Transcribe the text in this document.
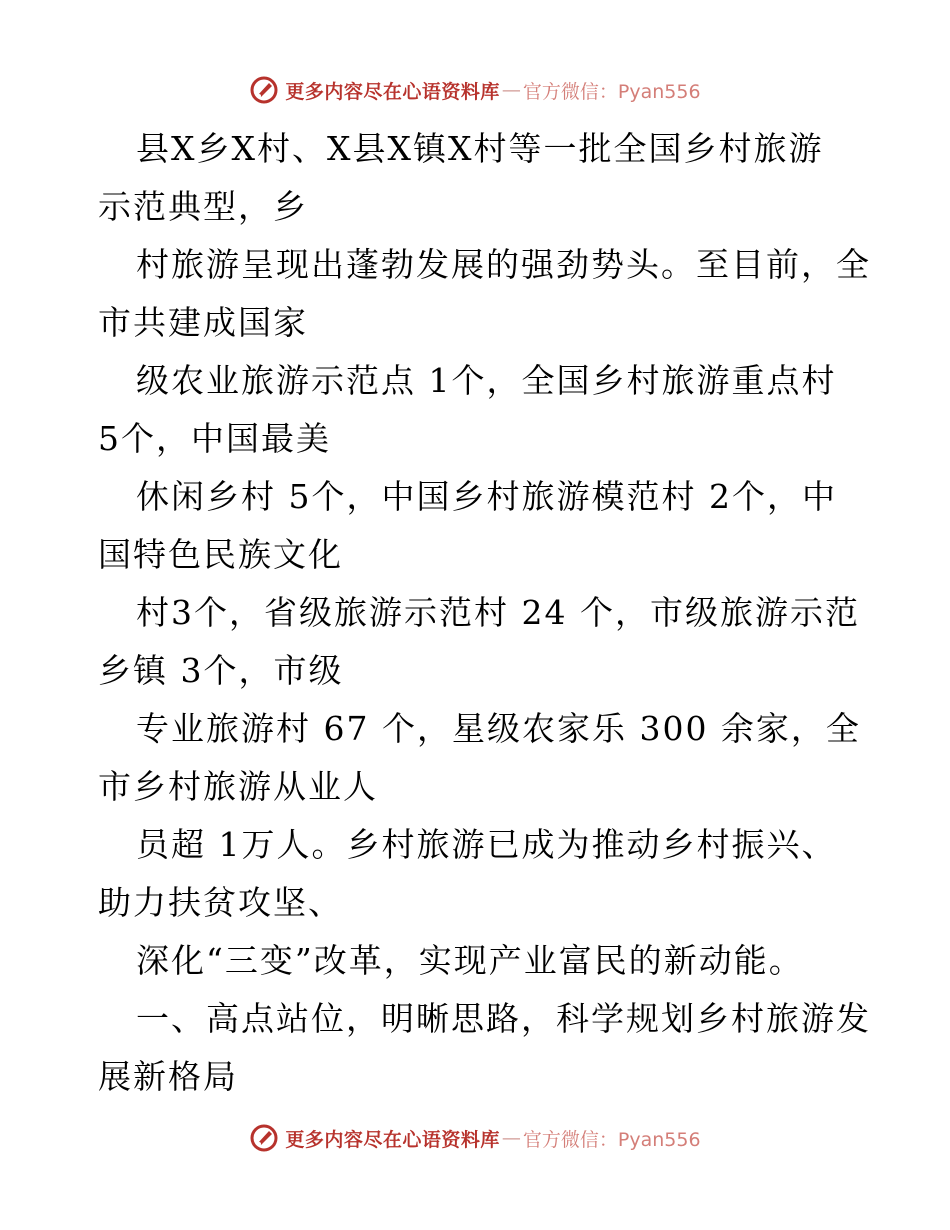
更多内容尽在心语资料库 — 官方微信：Pyan556
县X乡X村、X县X镇X村等一批全国乡村旅游
示范典型，乡
村旅游呈现出蓬勃发展的强劲势头。至目前，全
市共建成国家
级农业旅游示范点 1个，全国乡村旅游重点村
5个，中国最美
休闲乡村 5个，中国乡村旅游模范村 2个，中
国特色民族文化
村3个，省级旅游示范村 24 个，市级旅游示范
乡镇 3个，市级
专业旅游村 67 个，星级农家乐 300 余家，全
市乡村旅游从业人
员超 1万人。乡村旅游已成为推动乡村振兴、
助力扶贫攻坚、
深化“三变”改革，实现产业富民的新动能。
一、高点站位，明晰思路，科学规划乡村旅游发
展新格局
更多内容尽在心语资料库 — 官方微信：Pyan556
